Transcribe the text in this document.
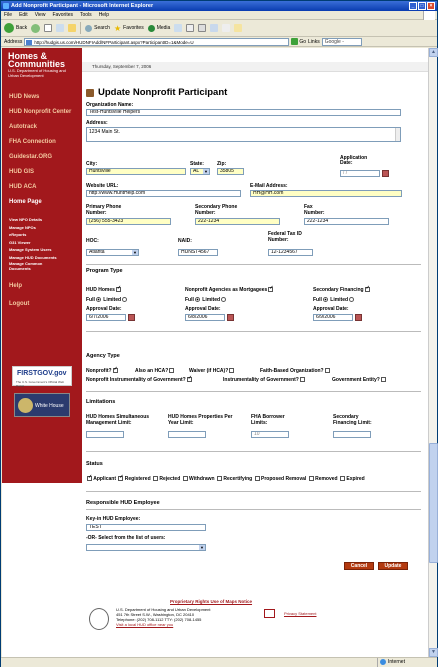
Add Nonprofit Participant - Microsoft Internet Explorer	_	□	×
File Edit View Favorites Tools Help
Back	Search ★ Favorites	Media
Address	http://hudgis.us.com/HUDNFIAdd/NFParticipant.aspx?ParticipantID=1&Mode=U	Go Links	Google -
Homes &
Communities
U.S. Department of Housing and Urban Development
HUD News
HUD Nonprofit Center
Autotrack
FHA Connection
Guidestar.ORG
HUD GIS
HUD ACA
Home Page
View NPO Details
Manage NPOs
eReports
G31 Viewer
Manage System Users
Manage HUD Documents
Manage Common Documents
Help
Logout
FIRSTGOV.gov
The U.S. Government's Official Web Portal
White House
Thursday, September 7, 2006
Update Nonprofit Participant
Organization Name:
Test-Huntsville Helpers
Address:
1234 Main St.
City:
Huntsville
State:
AL ▼
Zip:
35805
Application Date:
/ /
Website URL:
http://www.HuntHelp.com
E-Mail Address:
HH@HH.com
Primary Phone Number:
(256) 555-3423
Secondary Phone Number:
222-1234
Fax Number:
222-1234
HOC:
Atlanta	▼
NAID:
HUNST4567
Federal Tax ID Number:
12-1234567
Program Type
HUD Homes✓
Full Limited
Approval Date:
6/7/2006
Nonprofit Agencies as Mortgagees✓
Full Limited
Approval Date:
6/8/2006
Secondary Financing✓
Full Limited
Approval Date:
6/9/2006
Agency Type
Nonprofit? ✓	Also an HCA?	Waiver (if HCA)?	Faith-Based Organization?
Nonprofit Instrumentality of Government? ✓	Instrumentality of Government?	Government Entity?
Limitations
HUD Homes Simultaneous Management Limit:
HUD Homes Properties Per Year Limit:
FHA Borrower Limits:
10
Secondary Financing Limit:
Status
✓ Applicant ✓ Registered Rejected Withdrawn Recertifying Proposed Removal Removed Expired
Responsible HUD Employee
Key-in HUD Employee:
TEST
-OR- Select from the list of users:
▼
Cancel	Update
Proprietary Rights Use of Maps Notice
U.S. Department of Housing and Urban Development
451 7th Street S.W., Washington, DC 20410
Telephone: (202) 708-1112 TTY: (202) 708-1455
Visit a local HUD office near you
Privacy Statement
▲
▼
Internet
